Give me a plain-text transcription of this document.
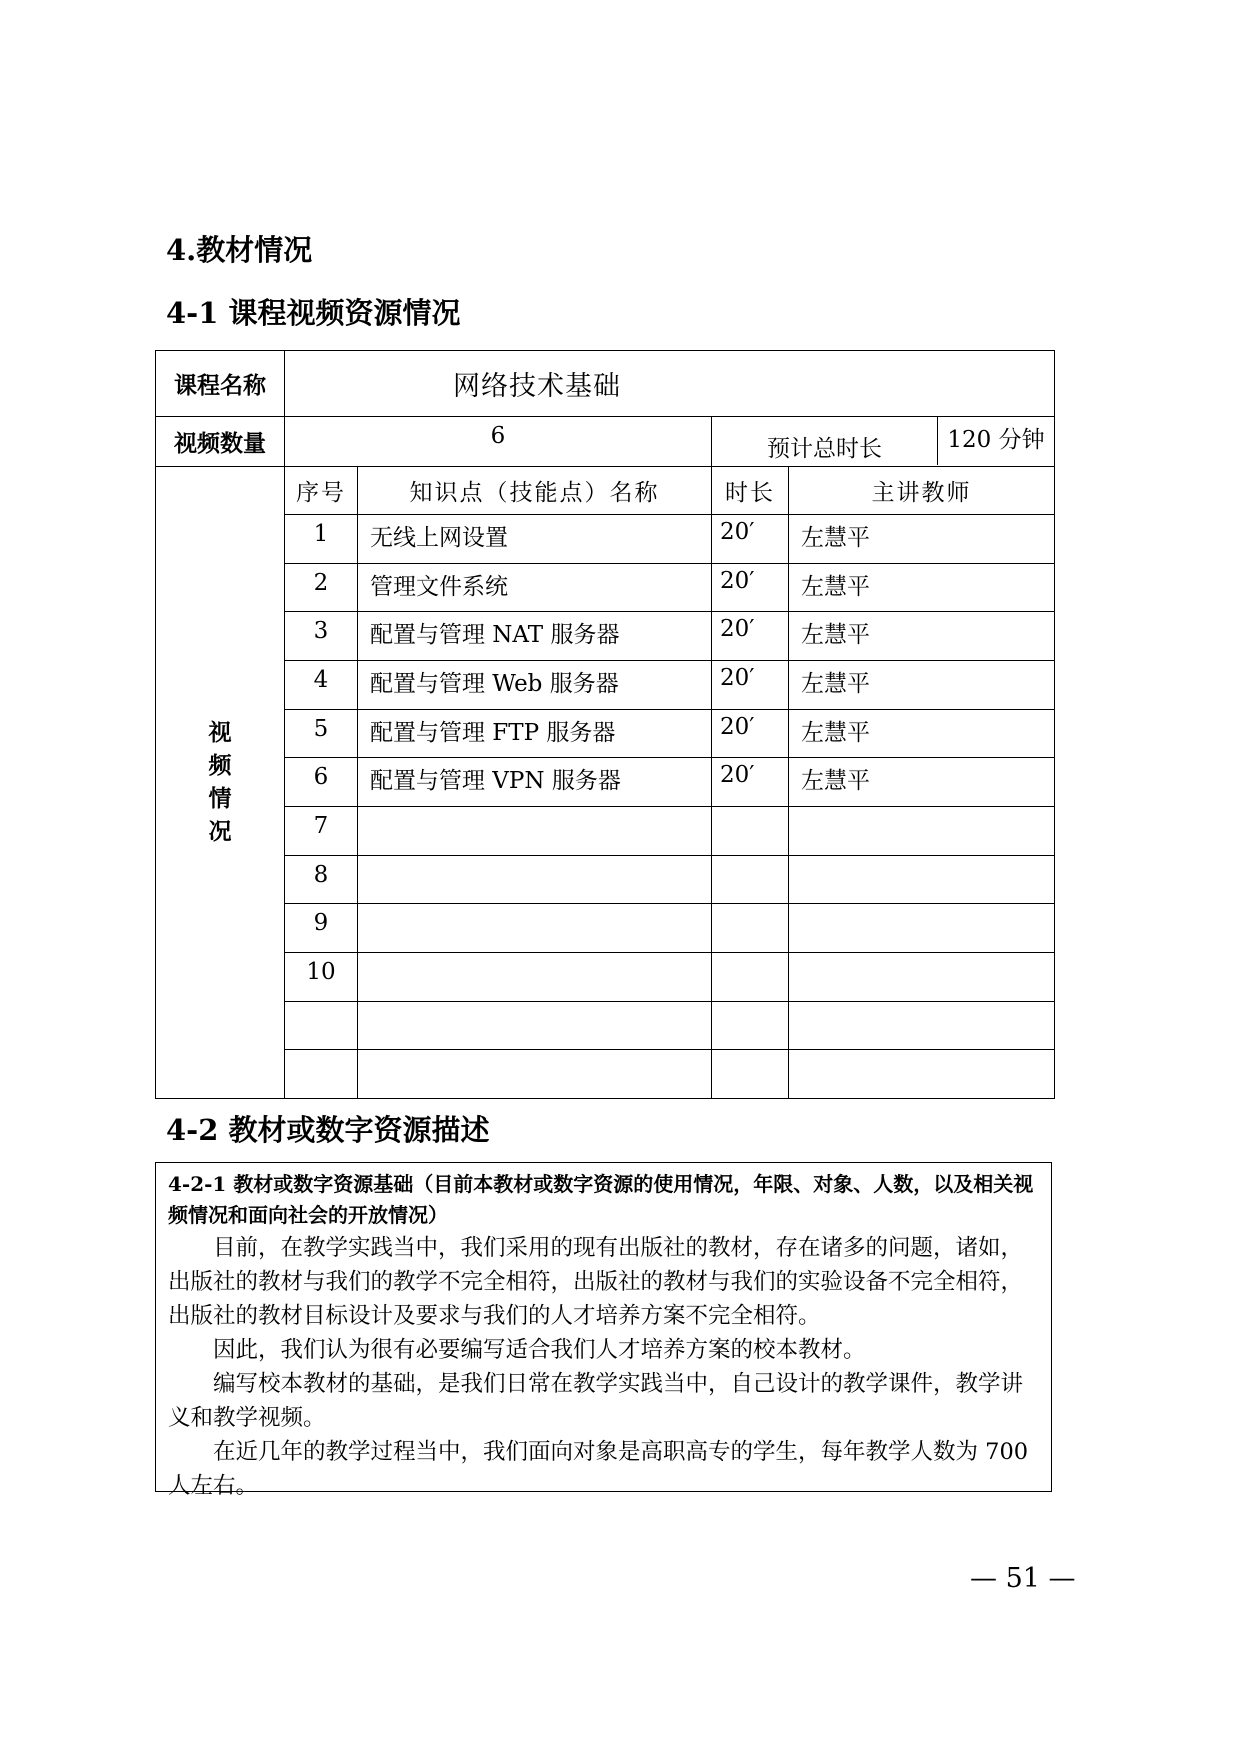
4.教材情况
4-1 课程视频资源情况
课程名称	网络技术基础
视频数量	6		预计总时长	120 分钟

视
频
情
况
	序号	知识点（技能点）名称	时长	主讲教师
1	无线上网设置	20′	左慧平
2	管理文件系统	20′	左慧平
3	配置与管理 NAT 服务器	20′	左慧平
4	配置与管理 Web 服务器	20′	左慧平
5	配置与管理 FTP 服务器	20′	左慧平
6	配置与管理 VPN 服务器	20′	左慧平
7			
8			
9			
10			

4-2 教材或数字资源描述

4-2-1 教材或数字资源基础（目前本教材或数字资源的使用情况，年限、对象、人数，以及相关视频情况和面向社会的开放情况）

目前，在教学实践当中，我们采用的现有出版社的教材，存在诸多的问题，诸如，出版社的教材与我们的教学不完全相符，出版社的教材与我们的实验设备不完全相符，出版社的教材目标设计及要求与我们的人才培养方案不完全相符。

因此，我们认为很有必要编写适合我们人才培养方案的校本教材。

编写校本教材的基础，是我们日常在教学实践当中，自己设计的教学课件，教学讲义和教学视频。

在近几年的教学过程当中，我们面向对象是高职高专的学生，每年教学人数为 700 人左右。

— 51 —
